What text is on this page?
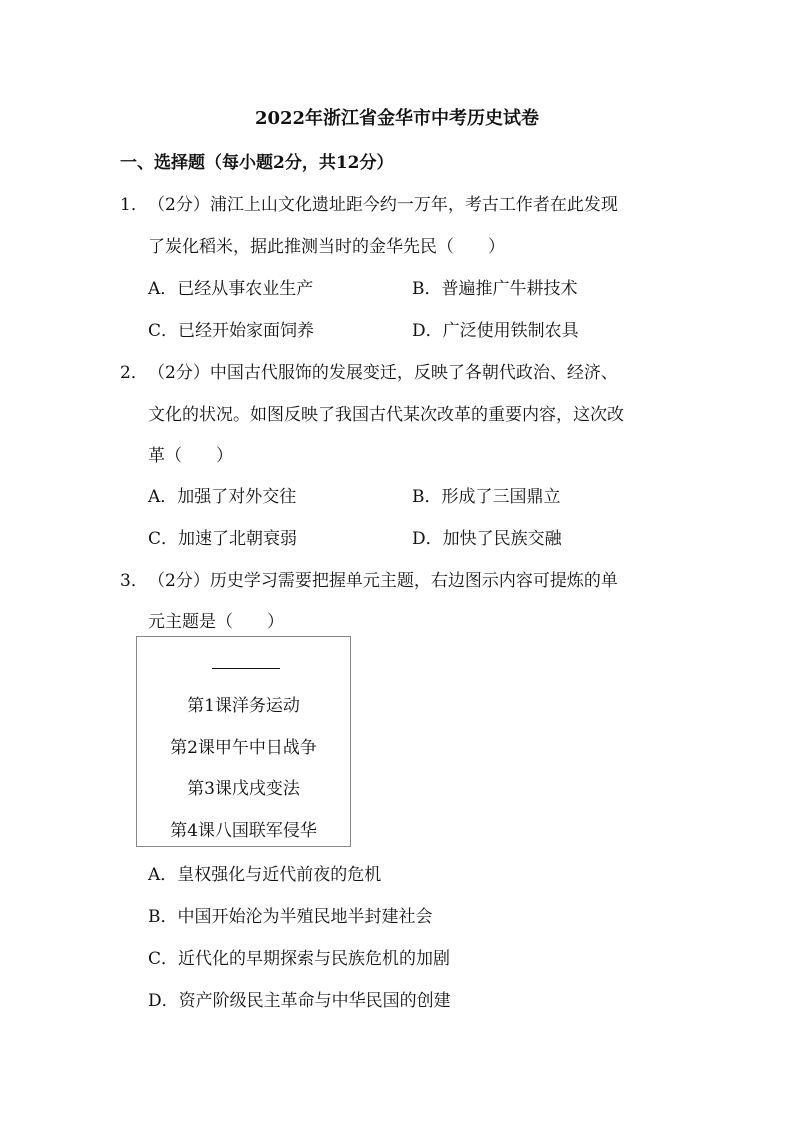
2022年浙江省金华市中考历史试卷
一、选择题（每小题2分，共12分）
1． （2分）浦江上山文化遗址距今约一万年，考古工作者在此发现
了炭化稻米，据此推测当时的金华先民（　　）
A．已经从事农业生产	B．普遍推广牛耕技术
C．已经开始家面饲养	D．广泛使用铁制农具
2． （2分）中国古代服饰的发展变迁，反映了各朝代政治、经济、
文化的状况。如图反映了我国古代某次改革的重要内容，这次改
革（　　）
A．加强了对外交往	B．形成了三国鼎立
C．加速了北朝衰弱	D．加快了民族交融
3． （2分）历史学习需要把握单元主题，右边图示内容可提炼的单
元主题是（　　）
第1课洋务运动
第2课甲午中日战争
第3课戊戌变法
第4课八国联军侵华
A．皇权强化与近代前夜的危机
B．中国开始沦为半殖民地半封建社会
C．近代化的早期探索与民族危机的加剧
D．资产阶级民主革命与中华民国的创建
